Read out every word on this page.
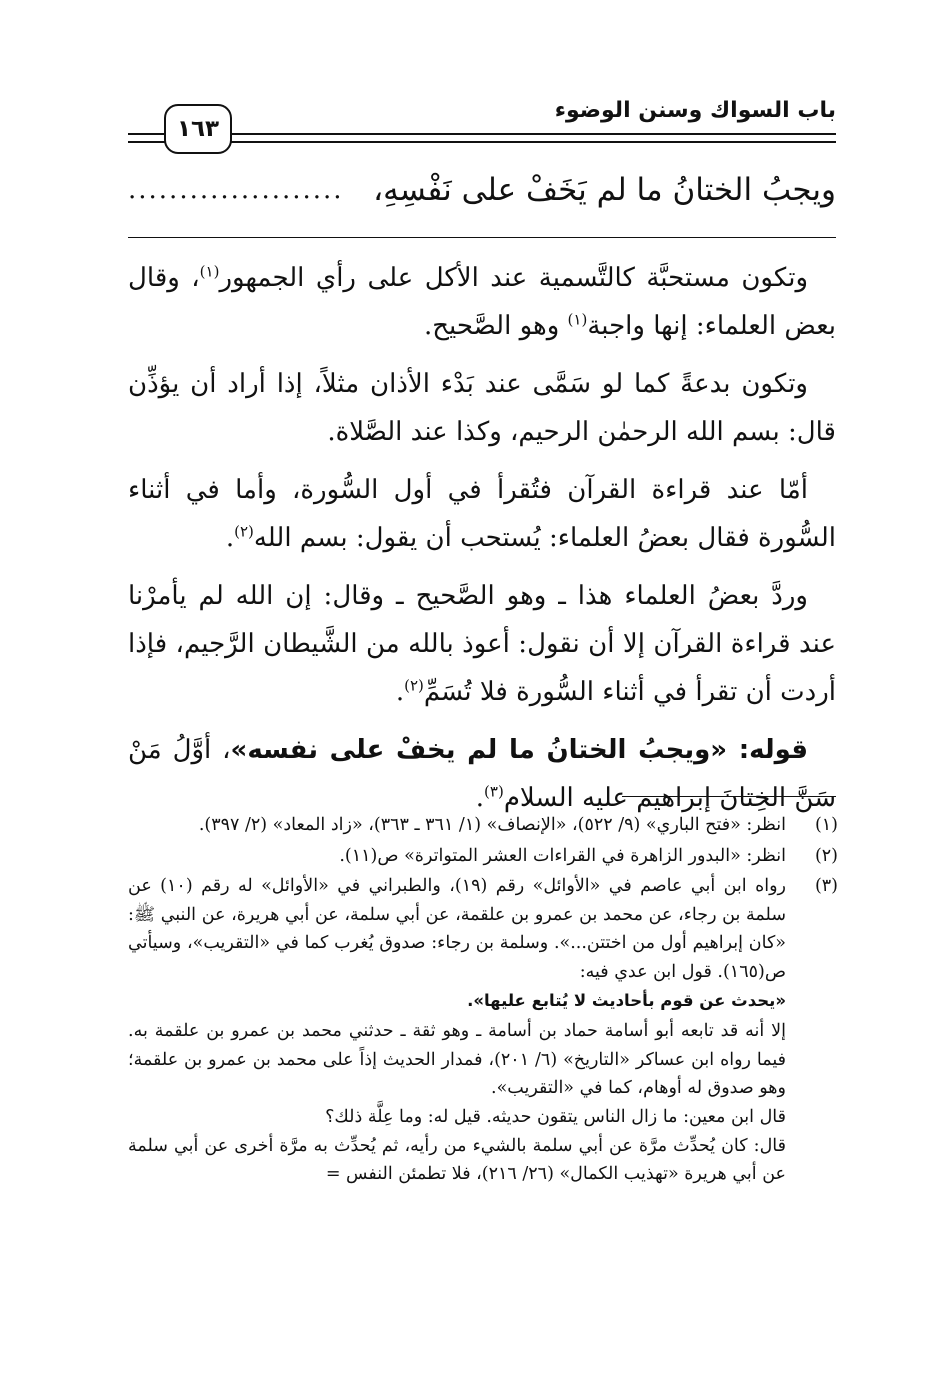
باب السواك وسنن الوضوء
١٦٣
ويجبُ الختانُ ما لم يَخَفْ على نَفْسِهِ،
.....................

وتكون مستحبَّة كالتَّسمية عند الأكل على رأي الجمهور$^{(١)}$، وقال بعض العلماء: إنها واجبة$^{(١)}$ وهو الصَّحيح.

وتكون بدعةً كما لو سَمَّى عند بَدْء الأذان مثلاً، إذا أراد أن يؤذِّن قال: بسم الله الرحمٰن الرحيم، وكذا عند الصَّلاة.

أمّا عند قراءة القرآن فتُقرأ في أول السُّورة، وأما في أثناء السُّورة فقال بعضُ العلماء: يُستحب أن يقول: بسم الله$^{(٢)}$.

وردَّ بعضُ العلماء هذا ـ وهو الصَّحيح ـ وقال: إن الله لم يأمرْنا عند قراءة القرآن إلا أن نقول: أعوذ بالله من الشَّيطان الرَّجيم، فإذا أردت أن تقرأ في أثناء السُّورة فلا تُسَمِّ$^{(٢)}$.

قوله: «ويجبُ الختانُ ما لم يخفْ على نفسه»، أوَّلُ مَنْ سَنَّ الخِتانَ إبراهيم عليه السلام$^{(٣)}$.

(١)
انظر: «فتح الباري» (٩/ ٥٢٢)، «الإنصاف» (١/ ٣٦١ ـ ٣٦٣)، «زاد المعاد» (٢/ ٣٩٧).
(٢)
انظر: «البدور الزاهرة في القراءات العشر المتواترة» ص(١١).
(٣)
رواه ابن أبي عاصم في «الأوائل» رقم (١٩)، والطبراني في «الأوائل» له رقم (١٠) عن سلمة بن رجاء، عن محمد بن عمرو بن علقمة، عن أبي سلمة، عن أبي هريرة، عن النبي ﷺ: «كان إبراهيم أول من اختتن...». وسلمة بن رجاء: صدوق يُغرب كما في «التقريب»، وسيأتي ص(١٦٥). قول ابن عدي فيه:
«يحدث عن قوم بأحاديث لا يُتابع عليها».
إلا أنه قد تابعه أبو أسامة حماد بن أسامة ـ وهو ثقة ـ حدثني محمد بن عمرو بن علقمة به. فيما رواه ابن عساكر «التاريخ» (٦/ ٢٠١)، فمدار الحديث إذاً على محمد بن عمرو بن علقمة؛ وهو صدوق له أوهام، كما في «التقريب».
قال ابن معين: ما زال الناس يتقون حديثه. قيل له: وما عِلَّة ذلك؟
قال: كان يُحدِّث مرَّة عن أبي سلمة بالشيء من رأيه، ثم يُحدِّث به مرَّة أخرى عن أبي سلمة عن أبي هريرة «تهذيب الكمال» (٢٦/ ٢١٦)، فلا تطمئن النفس =
